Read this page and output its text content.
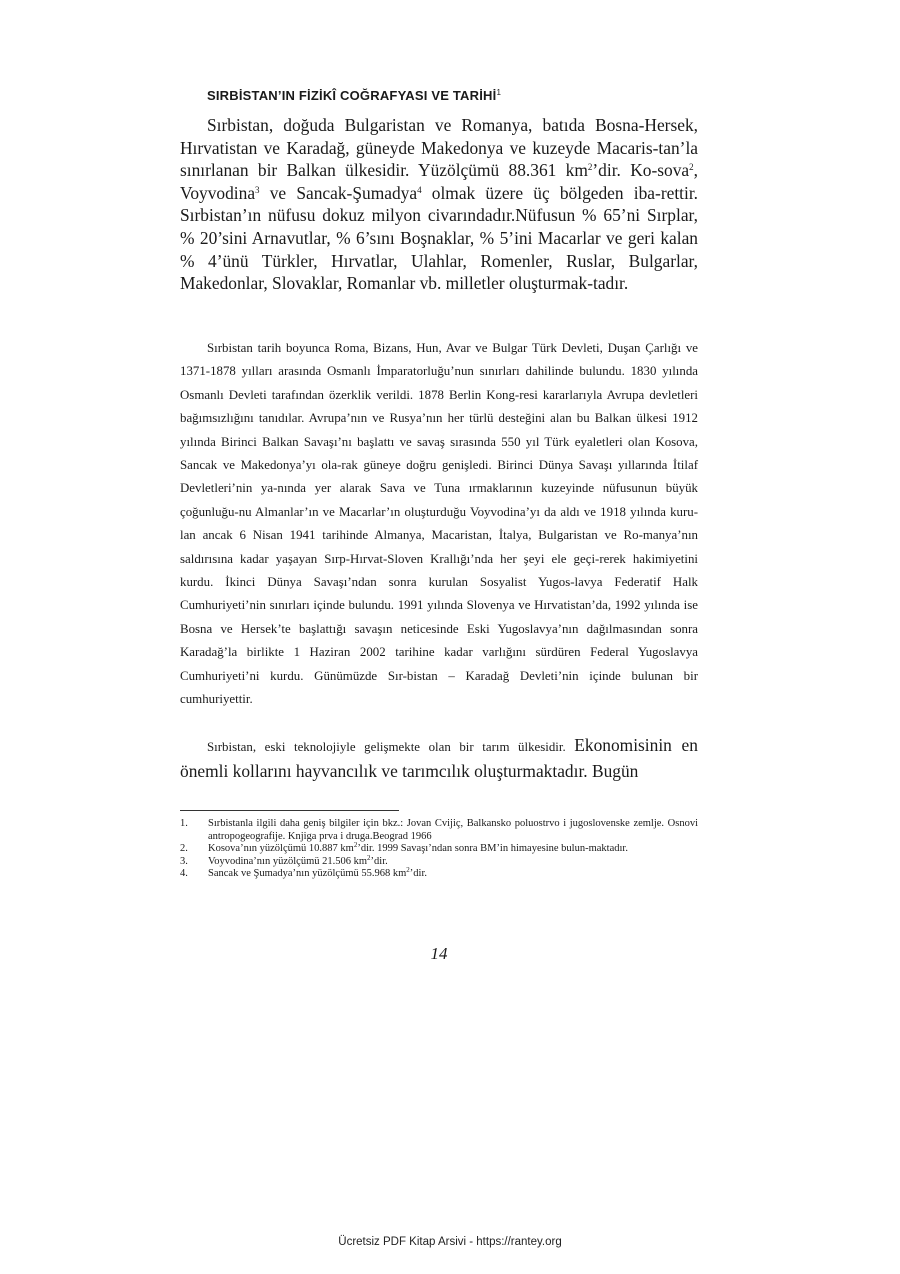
SIRBİSTAN’IN FİZİKÎ COĞRAFYASI VE TARİHİ$^1$

Sırbistan, doğuda Bulgaristan ve Romanya, batıda Bosna-Hersek, Hırvatistan ve Karadağ, güneyde Makedonya ve kuzeyde Macaris-tan’la sınırlanan bir Balkan ülkesidir. Yüzölçümü 88.361 $km^2’dir$. Ko-sova$^2$, Voyvodina$^3$ ve Sancak-Şumadya$^4$ olmak üzere üç bölgeden iba-rettir. Sırbistan’ın nüfusu dokuz milyon civarındadır.Nüfusun % 65’ni Sırplar, % 20’sini Arnavutlar, % 6’sını Boşnaklar, % 5’ini Macarlar ve geri kalan % 4’ünü Türkler, Hırvatlar, Ulahlar, Romenler, Ruslar, Bulgarlar, Makedonlar, Slovaklar, Romanlar vb. milletler oluşturmak-tadır.

Sırbistan tarih boyunca Roma, Bizans, Hun, Avar ve Bulgar Türk Devleti, Duşan Çarlığı ve 1371-1878 yılları arasında Osmanlı İmparatorluğu’nun sınırları dahilinde bulundu. 1830 yılında Osmanlı Devleti tarafından özerklik verildi. 1878 Berlin Kong-resi kararlarıyla Avrupa devletleri bağımsızlığını tanıdılar. Avrupa’nın ve Rusya’nın her türlü desteğini alan bu Balkan ülkesi 1912 yılında Birinci Balkan Savaşı’nı başlattı ve savaş sırasında 550 yıl Türk eyaletleri olan Kosova, Sancak ve Makedonya’yı ola-rak güneye doğru genişledi. Birinci Dünya Savaşı yıllarında İtilaf Devletleri’nin ya-nında yer alarak Sava ve Tuna ırmaklarının kuzeyinde nüfusunun büyük çoğunluğu-nu Almanlar’ın ve Macarlar’ın oluşturduğu Voyvodina’yı da aldı ve 1918 yılında kuru-lan ancak 6 Nisan 1941 tarihinde Almanya, Macaristan, İtalya, Bulgaristan ve Ro-manya’nın saldırısına kadar yaşayan Sırp-Hırvat-Sloven Krallığı’nda her şeyi ele geçi-rerek hakimiyetini kurdu. İkinci Dünya Savaşı’ndan sonra kurulan Sosyalist Yugos-lavya Federatif Halk Cumhuriyeti’nin sınırları içinde bulundu. 1991 yılında Slovenya ve Hırvatistan’da, 1992 yılında ise Bosna ve Hersek’te başlattığı savaşın neticesinde Eski Yugoslavya’nın dağılmasından sonra Karadağ’la birlikte 1 Haziran 2002 tarihine kadar varlığını sürdüren Federal Yugoslavya Cumhuriyeti’ni kurdu. Günümüzde Sır-bistan – Karadağ Devleti’nin içinde bulunan bir cumhuriyettir.

Sırbistan, eski teknolojiyle gelişmekte olan bir tarım ülkesidir. Ekonomisinin en önemli kollarını hayvancılık ve tarımcılık oluşturmaktadır. Bugün

1.	Sırbistanla ilgili daha geniş bilgiler için bkz.: Jovan Cvijiç, Balkansko poluostrvo i jugoslovenske zemlje. Osnovi antropogeografije. Knjiga prva i druga.Beograd 1966
2.	Kosova’nın yüzölçümü 10.887 $km^2’dir$. 1999 Savaşı’ndan sonra BM’in himayesine bulun-maktadır.
3.	Voyvodina’nın yüzölçümü 21.506 $km^2’dir$.
4.	Sancak ve Şumadya’nın yüzölçümü 55.968 $km^2’dir$.
14
Ücretsiz PDF Kitap Arsivi - https://rantey.org
